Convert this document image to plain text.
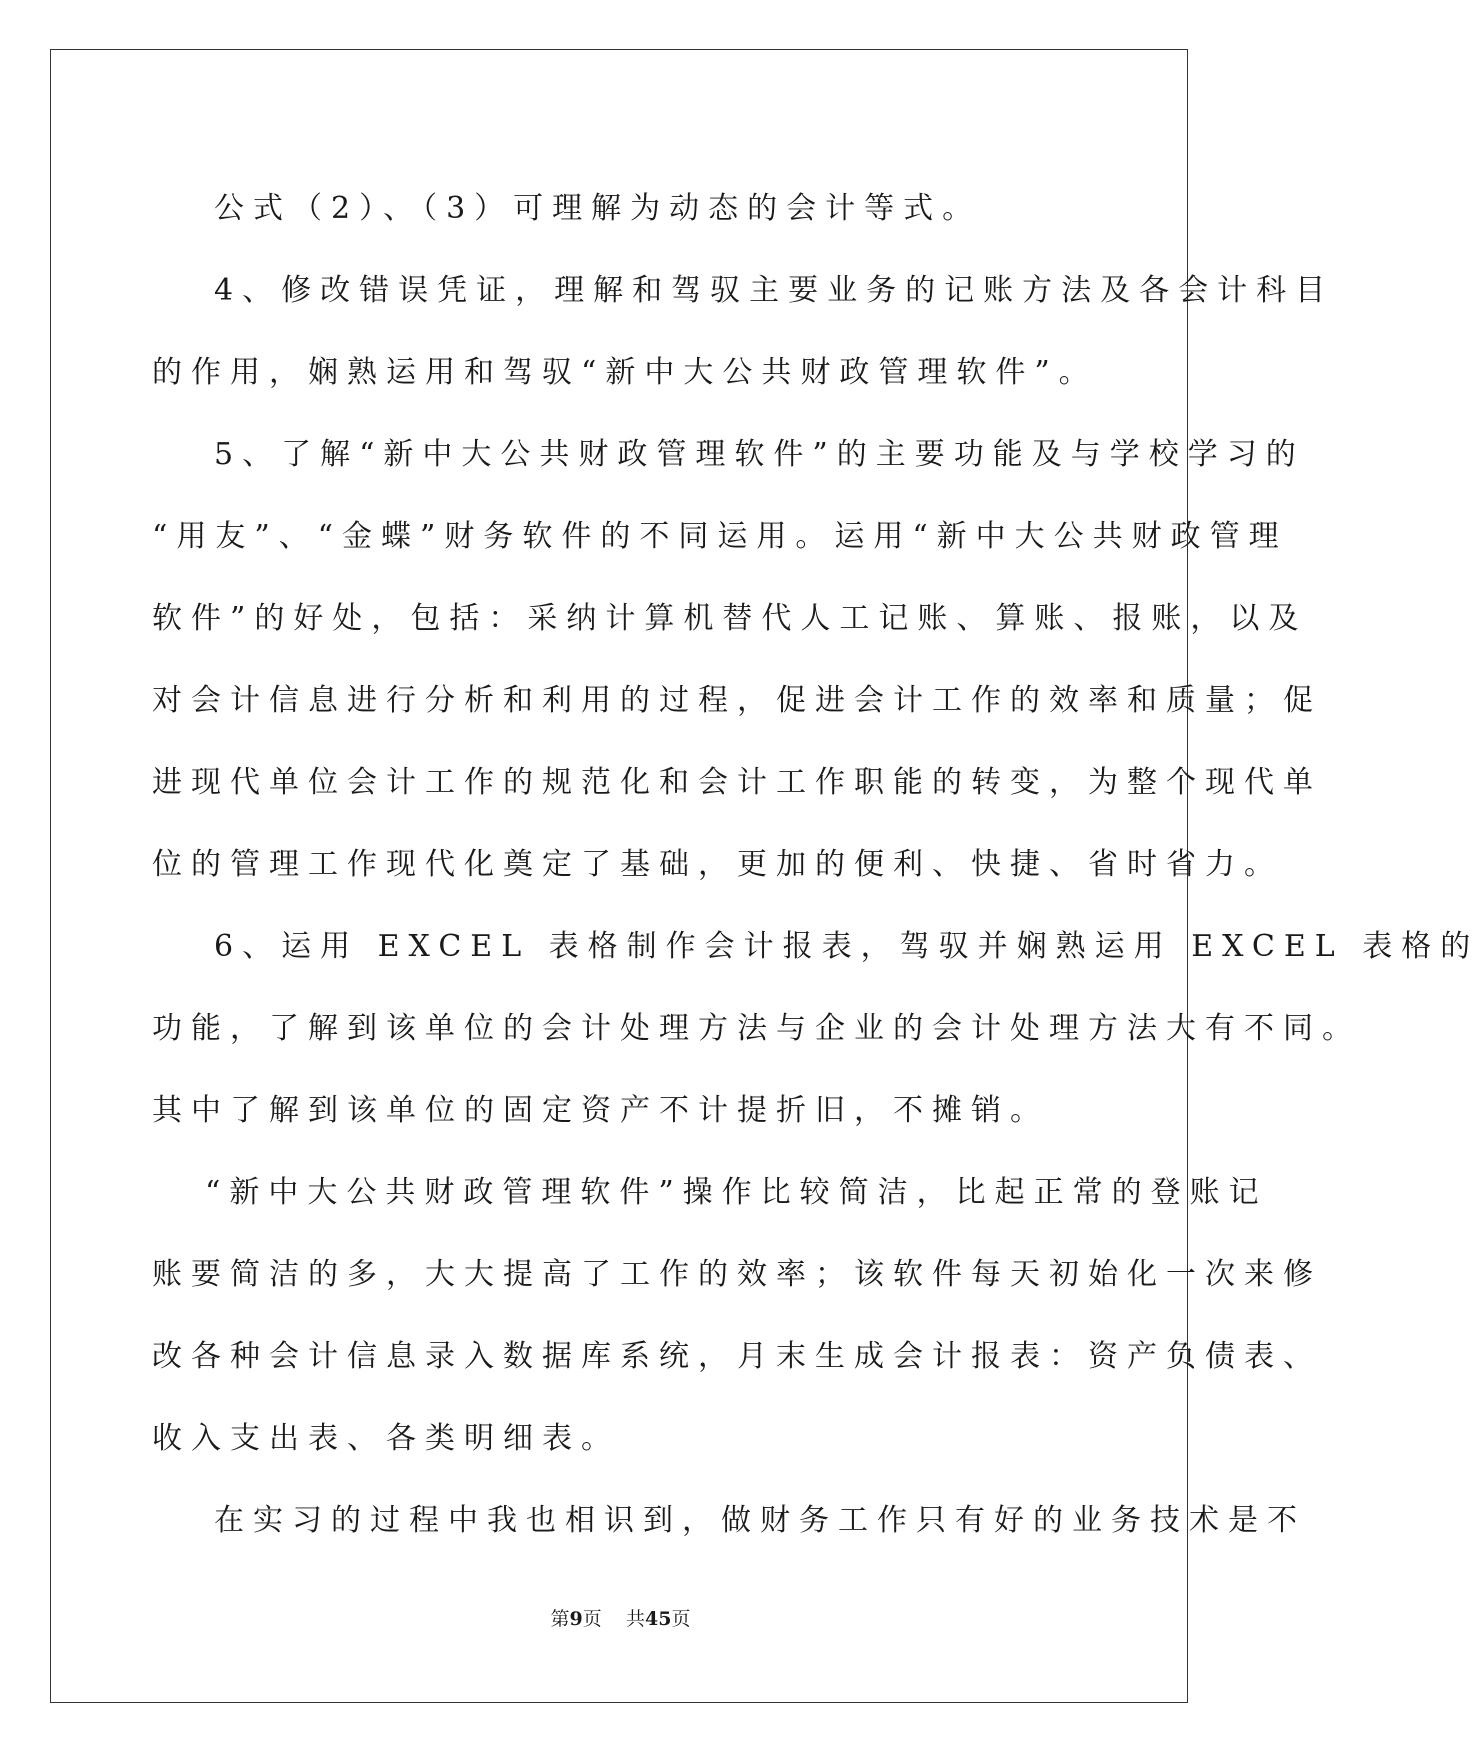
公式（2）、（3）可理解为动态的会计等式。
4、修改错误凭证，理解和驾驭主要业务的记账方法及各会计科目
的作用，娴熟运用和驾驭“新中大公共财政管理软件”。
5、了解“新中大公共财政管理软件”的主要功能及与学校学习的
“用友”、“金蝶”财务软件的不同运用。运用“新中大公共财政管理
软件”的好处，包括：采纳计算机替代人工记账、算账、报账，以及
对会计信息进行分析和利用的过程，促进会计工作的效率和质量；促
进现代单位会计工作的规范化和会计工作职能的转变，为整个现代单
位的管理工作现代化奠定了基础，更加的便利、快捷、省时省力。
6、运用 EXCEL 表格制作会计报表，驾驭并娴熟运用 EXCEL 表格的
功能，了解到该单位的会计处理方法与企业的会计处理方法大有不同。
其中了解到该单位的固定资产不计提折旧，不摊销。
“新中大公共财政管理软件”操作比较简洁，比起正常的登账记
账要简洁的多，大大提高了工作的效率；该软件每天初始化一次来修
改各种会计信息录入数据库系统，月末生成会计报表：资产负债表、
收入支出表、各类明细表。
在实习的过程中我也相识到，做财务工作只有好的业务技术是不
第9页 共45页
